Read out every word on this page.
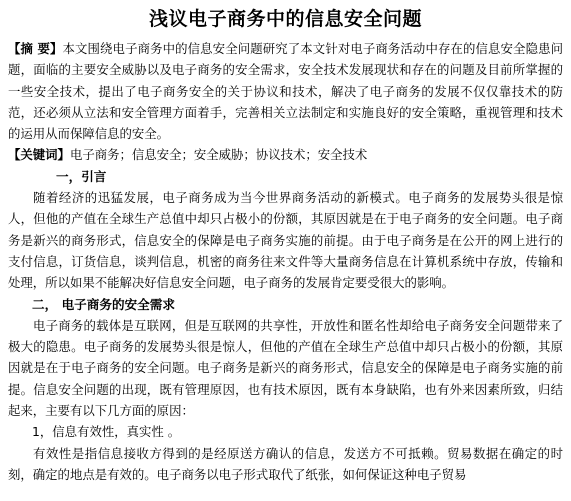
浅议电子商务中的信息安全问题

【摘 要】本文围绕电子商务中的信息安全问题研究了本文针对电子商务活动中存在的信息安全隐患问题，面临的主要安全威胁以及电子商务的安全需求，安全技术发展现状和存在的问题及目前所掌握的一些安全技术，提出了电子商务安全的关于协议和技术，解决了电子商务的发展不仅仅靠技术的防范，还必须从立法和安全管理方面着手，完善相关立法制定和实施良好的安全策略，重视管理和技术的运用从而保障信息的安全。

【关键词】电子商务；信息安全；安全威胁；协议技术；安全技术

一，引言

随着经济的迅猛发展，电子商务成为当今世界商务活动的新模式。电子商务的发展势头很是惊人，但他的产值在全球生产总值中却只占极小的份额，其原因就是在于电子商务的安全问题。电子商务是新兴的商务形式，信息安全的保障是电子商务实施的前提。由于电子商务是在公开的网上进行的支付信息，订货信息，谈判信息，机密的商务往来文件等大量商务信息在计算机系统中存放，传输和处理，所以如果不能解决好信息安全问题，电子商务的发展肯定要受很大的影响。

二， 电子商务的安全需求

电子商务的载体是互联网，但是互联网的共享性，开放性和匿名性却给电子商务安全问题带来了极大的隐患。电子商务的发展势头很是惊人，但他的产值在全球生产总值中却只占极小的份额，其原因就是在于电子商务的安全问题。电子商务是新兴的商务形式，信息安全的保障是电子商务实施的前提。信息安全问题的出现，既有管理原因，也有技术原因，既有本身缺陷，也有外来因素所致，归结起来，主要有以下几方面的原因：

1，信息有效性，真实性 。

有效性是指信息接收方得到的是经原送方确认的信息，发送方不可抵赖。贸易数据在确定的时刻，确定的地点是有效的。电子商务以电子形式取代了纸张，如何保证这种电子贸易
